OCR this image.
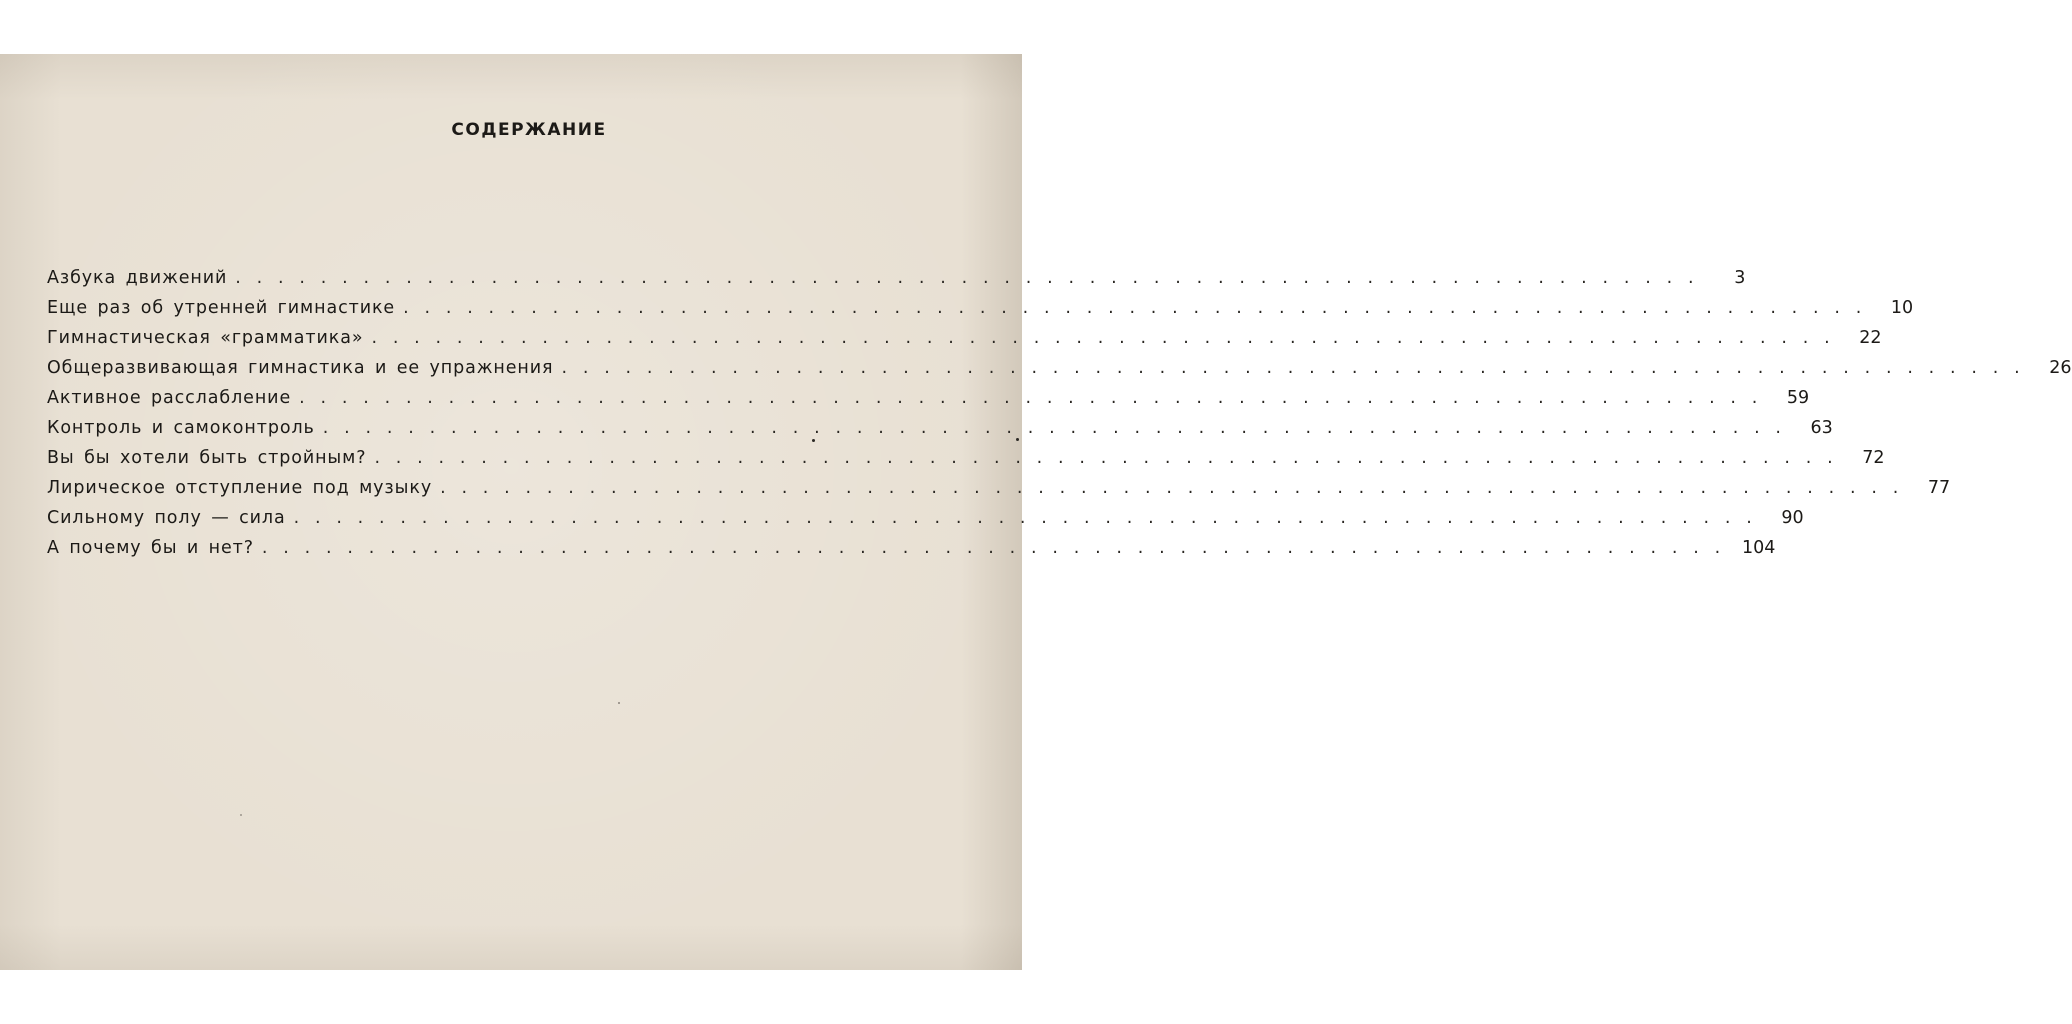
СОДЕРЖАНИЕ
Азбука движений .....................................................................	3
Еще раз об утренней гимнастике ..................................................................... 10
Гимнастическая «грамматика» ..................................................................... 22
Общеразвивающая гимнастика и ее упражнения ..................................................................... 26
Активное расслабление ..................................................................... 59
Контроль и самоконтроль ..................................................................... 63
Вы бы хотели быть стройным? ..................................................................... 72
Лирическое отступление под музыку ..................................................................... 77
Сильному полу — сила ..................................................................... 90
А почему бы и нет? ..................................................................... 104
